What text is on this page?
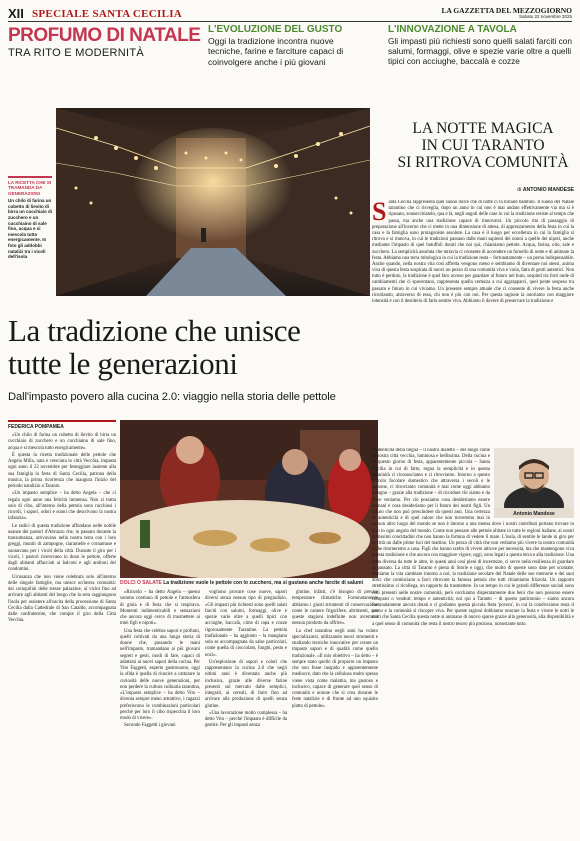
XII SPECIALE SANTA CECILIA	LA GAZZETTA DEL MEZZOGIORNO
Sabato 22 novembre 2025
PROFUMO DI NATALE
TRA RITO E MODERNITÀ
L'EVOLUZIONE DEL GUSTO
Oggi la tradizione incontra nuove tecniche, farine e farciture capaci di coinvolgere anche i più giovani
L'INNOVAZIONE A TAVOLA
Gli impasti più richiesti sono quelli salati farciti con salumi, formaggi, olive e spezie varie oltre a quelli tipici con acciughe, baccalà e cozze
LA RICETTA CHE SI TRAMANDA DA GENERAZIONI
Un chilo di farina un cubetto di lievito di birra un cucchiaio di zucchero e un cucchiaino di sale fino, acqua e si mescola tutto energicamente. In foto gli addobbi natalizi tra i vicoli dell'isola
La tradizione che unisce
tutte le generazioni
Dall'impasto povero alla cucina 2.0: viaggio nella storia delle pettole
FEDERICA POMPAMEA

«Un chilo di farina un cubetto di lievito di birra un cucchiaio di zucchero e un cucchiaino di sale fino, acqua e si mescola tutto energicamente».

È questa la ricetta tradizionale delle pettole che Angela Milla, nata e cresciuta in città Vecchia, impasta ogni anno il 22 novembre per festeggiare insieme alla sua famiglia la festa di Santa Cecilia, patrona della musica, la prima ricorrenza che inaugura l'inizio del periodo natalizio a Taranto.

«Un impasto semplice – ha detto Angela – che ci regala ogni anno una felicità immensa. Non si tratta solo di cibo, all'interno della pettola sono racchiusi i ricordi, i sapori, odori e suoni che descrivono la nostra infanzia».

Le radici di questa tradizione affondano nelle nobile usanze dei pastori d'Abruzzo che, in passato durante la transumanza, arrivavano nella nostra terra con i loro greggi, muniti di zampogne, ciaramelle e cornamuse e suonavano per i vicoli della città. Durante il giro per i vicoli, i pastori ricevevano in dono le pettole, offerte dagli abitanti affacciati ai balconi e agli androni dei condomini.

Un'usanza che non viene celebrata solo all'interno delle singole famiglie, ma unisce un'intera comunità: dai coinquilini delle stesse palazzine, ai vicini fino ad arrivare agli abitanti del borgo che la sera raggiungono l'isola per assistere all'uscita della processione di Santa Cecilia dalla Cattedrale di San Cataldo, accompagnata dalle confraternite, che compie il giro della Città Vecchia.

DOLCI O SALATE La tradizione vuole le pettole con lo zucchero, ma si gustano anche farcite di salumi

«Ricordo – ha detto Angela – questo sommo continuo di pettole e l'atmosfera di gioia e di festa che si respirava. Momenti indimenticabili e sensazioni che ancora oggi cerco di trasmettere ai miei figli e nipoti».

Una festa che celebra sapori e profumi, quelli coltivati da una lunga storia di donne che, passando le mani nell'impasto, tramandano ai più giovani segreti e gesti, modi di fare, capaci di adattarsi ai nuovi sapori della cucina. Per Vito Faggetti, esperto gastronomo, oggi la sfida è quella di riuscire a catturare la curiosità delle nuove generazioni, per non perdere la cultura culinaria tarantina, «L'impasto semplice – ha detto Vito – diventa sempre meno attrattivo, i ragazzi preferiscono le combinazioni particolari perché per loro il cibo rispecchia il loro modo di vivere».

Secondo Faggetti i giovani

vogliono provare cose nuove, sapori diversi senza nessun tipo di pregiudizio. «Gli impasti più richiesti sono quelli salati farciti con salumi, formaggi, olive e spezie varie oltre a quelli tipici con acciughe, baccalà, cime di rapa e cozze rigorosamente Tarantine. La pettola tradizionale – ha aggiunto – la mangiano solo se accompagnata da salse particolari, come quella di cioccolato, funghi, pesto e noci».

Un'esplosione di sapori e colori che rappresentano la cucina 2.0 che negli ultimi anni è diventata anche più inclusiva, grazie alle diverse farine presenti sul mercato dalle semplici, integrali, ai cereali, di farro fino ad arrivare alla produzione di quelli senza glutine.

«Una lavorazione molto complessa – ha detto Vito – perché l'impasto è difficile da gestire. Per gli impasti senza

glutine, infatti, c'è bisogno di precise temperature climatiche. Fortunatamente abbiamo i giusti strumenti di conservazione come le camere frigorifere, altrimenti, con queste stagioni indefinite non avremmo nessun prodotto da offrire».

Lo chef tarantino negli anni ha voluto specializzarsi, utilizzando nuovi strumenti e studiando tecniche innovative per creare un impasto sapori e di qualità come quello tradizionale. «Il mio obiettivo – ha detto – è sempre stato quello di proporre un impasto che non fosse insipido e apparentemente mediocre, dato che la cellulosa molto spesso viene vista come malattia, ma gustoso e inclusivo, capace di generare quel senso di comunità e unione che si crea durante le feste natalizie e di fronte ad uno squisito piatto di pettole».

LA NOTTE MAGICA
IN CUI TARANTO
SI RITROVA COMUNITÀ
di ANTONIO MANDESE
S anta Cecilia rappresenta quel suono dolce che di notte ci fa tornare bambini. Il suono del Natale tarantino che ci risveglia, dopo un anno in cui non è mai andato effettivamente via ma si è riposato, sonnecchiando, qua e là, negli angoli delle case in cui la tradizione resiste al tempo che passa, ma anche una tradizione capace di rinnovarsi. Un piccolo rito di passaggio di preparazione all'inverno che ci mette in una dimensione di attesa, di apprezzamento della festa in cui la casa e la famiglia sono protagoniste assolute. La casa è il luogo per eccellenza in cui la famiglia si ritrova e si rinnova, in cui le tradizioni passano dalle mani sapienti dei nonni a quelle dei nipoti, anche mediante l'impasto di quei batuffoli dorati che noi qui, chiamiamo pettole. Acqua, farina, olio, sale e zucchero. La semplicità assoluta che tuttavia ci consente di accendere un fornello di notte e di animare la festa. Abbiamo una terra mitologica in cui la tradizione resta – fortunatamente – un perno indispensabile. Anche quando, nella nostra vita così affretta vengono meno e sembiamo di diventare noi stessi, anima viva di questa festa sospirata di nuovi un pezzo di una comunità viva e varia, fatta di genti autentici. Non tutto è perduto, la tradizione è quel faro acceso per guardare al futuro nel buio, sospinti tra forti onde di cambiamenti che ci spaventano, rappresenta quella certezza a cui aggrapparci, quel ponte sospeso tra passato e futuro in cui viviamo. Un presente sempre attuale che ci consente di vivere la festa anche ricordando, attraverso di essa, chi non è più con noi. Per questa ragione la onoriamo con maggiore intensità e con il desiderio di farla sentire viva. Abbiamo il dovere di preservare la tradizione e
Antonio Mandese
l'autenticità della lingua – il nostro dialetto – del luogo come la nostra città vecchia, luminosa e bellissima. Della cucina e di questo giorno di festa, apparentemente piccola – Santa Cecilia in cui di fatto, regna la semplicità e in questa genuinità ci riconosciamo e ci ritroviamo. Intorno a questo piccolo focolare domestico che attraversa i secoli e le persone, ci ritroviamo comunità e mai come oggi abbiamo bisogno – grazie alla tradizione – di ricordare chi siamo e da dove veniamo. Per ciò possiamo cosa desideriamo essere domani e cosa desideriamo per il futuro dei nostri figli. Un futuro che non può prescindere da questi assi. Una certezza di autenticità e di quel calore che non troveremo mai in nessun altro luogo del mondo se non è intorno a una mensa dove i nostri contributi portano trovare in giro in ogni angolo del mondo. Come non pensare alle pettole abitate in tutte le regioni italiane, ai nostri tantissimi concittadini che non hanno la fortuna di vedere il mare. L'isola, di sentire le lande in giro per la città un dalle prime luci del mattino. Un pezzo di città che non vediamo più vivere la nostra comunità e che ritorneremo a casa. Figli che hanno scelto di vivere altrove per necessità, ma che mantengono viva questa tradizione e che ancora con maggiore vigore, oggi, sono legati a questa terra e alla tradizione. Una festa diversa da tutte le altre, in questi anni così pieni di incertezze, ci serve nella resilienza di guardare al passato. La città di Taranto è piena di Storie e oggi, che molto di queste sono date per scontate, sentiamo la vita cambiare intorno a noi; la tradizione secolare del Natale delle sue memorie e dei suoi dolci che cominciano a farci ritrovare la famosa pettola che tutti chiamiamo frizzola. Un rapporto strettissimo ci ricollega, un rapporto da trasmettere. In un tempo in cui le grandi differenze sociali sono così presenti nelle nostre comunità, però cerchiamo disperatamente due beni che non possono essere comprati o venduti: tempo e autenticità; noi qui a Taranto – di questo patrimonio – siamo ancora fortunatamente ancora dotati e ci godiamo questa piccola festa 'povera', in cui la condivisione resta il perno e la comunità si riscopre viva. Per queste ragioni dobbiamo onorare la festa e vivere le notti le notti che Santa Cecilia questa notte si animano di nuovo sparse grazie alla generosità, alla disponibilità e a quel senso di comunità che resta il nostro tesoro più prezioso, nonostante tutto.
